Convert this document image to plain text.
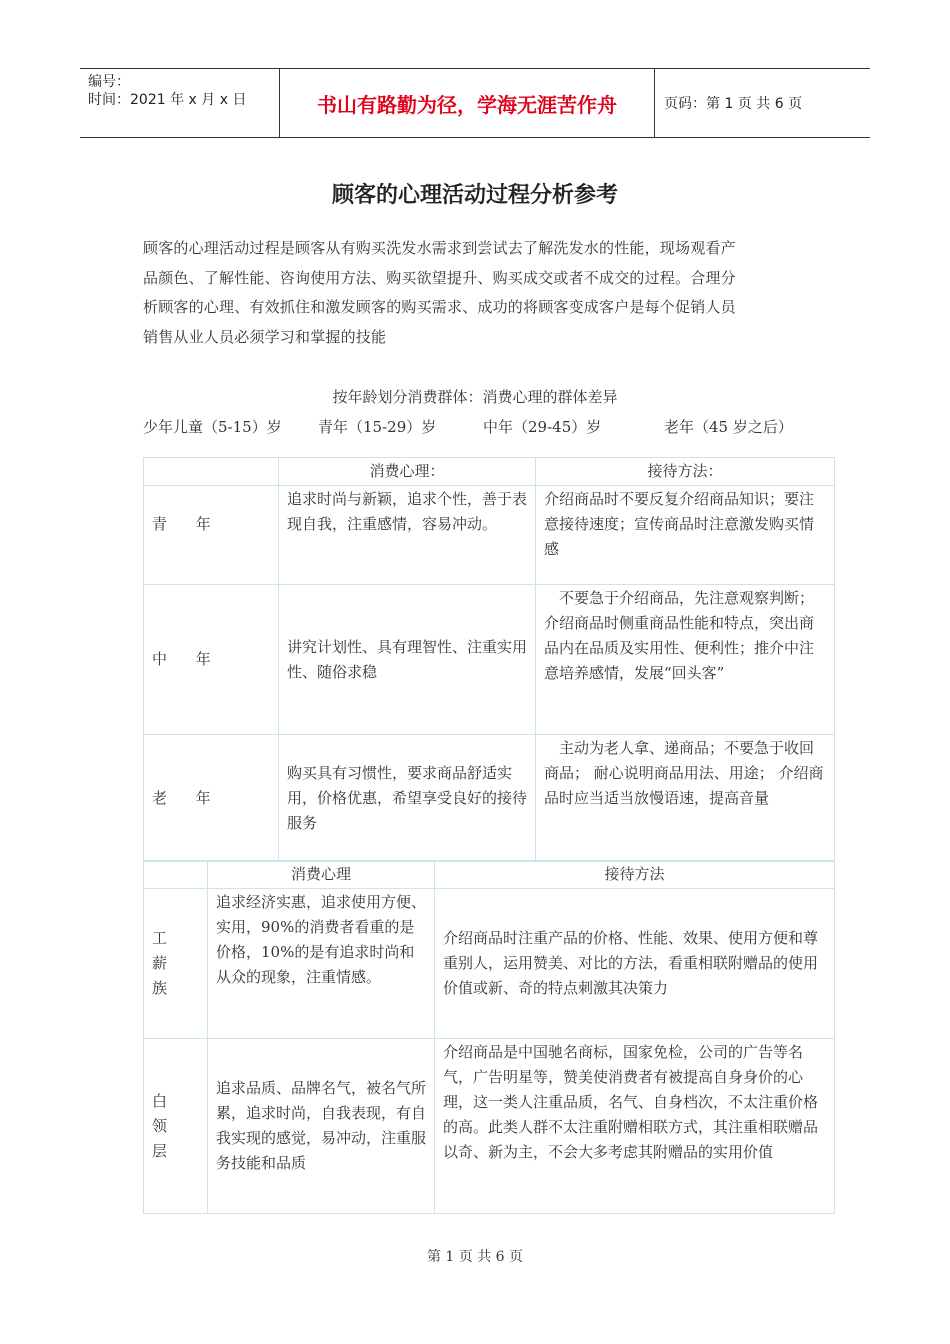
编号：
时间：2021 年 x 月 x 日	书山有路勤为径，学海无涯苦作舟	页码：第 1 页 共 6 页
顾客的心理活动过程分析参考
顾客的心理活动过程是顾客从有购买洗发水需求到尝试去了解洗发水的性能，现场观看产
品颜色、了解性能、咨询使用方法、购买欲望提升、购买成交或者不成交的过程。合理分
析顾客的心理、有效抓住和激发顾客的购买需求、成功的将顾客变成客户是每个促销人员
销售从业人员必须学习和掌握的技能
按年龄划分消费群体：消费心理的群体差异
少年儿童（5-15）岁 青年（15-29）岁	中年（29-45）岁	老年（45 岁之后）
	消费心理：	接待方法：
青 年	追求时尚与新颖，追求个性，善于表现自我，注重感情，容易冲动。	介绍商品时不要反复介绍商品知识；要注意接待速度；宣传商品时注意激发购买情感
中 年	讲究计划性、具有理智性、注重实用性、随俗求稳	　不要急于介绍商品，先注意观察判断；介绍商品时侧重商品性能和特点，突出商品内在品质及实用性、便利性；推介中注意培养感情，发展“回头客”
老 年	购买具有习惯性，要求商品舒适实用，价格优惠，希望享受良好的接待服务	　主动为老人拿、递商品；不要急于收回商品； 耐心说明商品用法、用途； 介绍商品时应当适当放慢语速，提高音量
	消费心理	接待方法
工 薪族	追求经济实惠，追求使用方便、实用，90%的消费者看重的是价格，10%的是有追求时尚和从众的现象，注重情感。	介绍商品时注重产品的价格、性能、效果、使用方便和尊重别人，运用赞美、对比的方法，看重相联附赠品的使用价值或新、奇的特点刺激其决策力
白 领层	追求品质、品牌名气，被名气所累，追求时尚，自我表现，有自我实现的感觉，易冲动，注重服务技能和品质	介绍商品是中国驰名商标，国家免检，公司的广告等名气，广告明星等，赞美使消费者有被提高自身身价的心理，这一类人注重品质，名气、自身档次，不太注重价格的高。此类人群不太注重附赠相联方式，其注重相联赠品以奇、新为主，不会大多考虑其附赠品的实用价值
第 1 页 共 6 页
